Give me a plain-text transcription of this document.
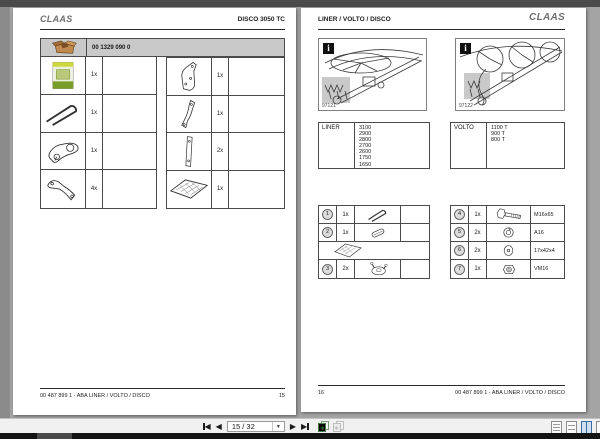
CLAAS	DISCO 3050 TC
00 1329 090 0
1x
1x
1x
4x
1x
1x
2x
1x
00 487 899 1 - ABA LINER / VOLTO / DISCO	15
LINER / VOLTO / DISCO	CLAAS
i
97121
i
97122
LINER	3100
2900
2800
2700
2600
1750
1650
VOLTO	1100 T
900 T
800 T
1	1x
2	1x
3	2x
4	1x	M16x65
5	2x	A16
6	2x	17x42x4
7	1x	VM16
16	00 487 899 1 - ABA LINER / VOLTO / DISCO
◀ ◀ 15 / 32	▼	▶ ▶
